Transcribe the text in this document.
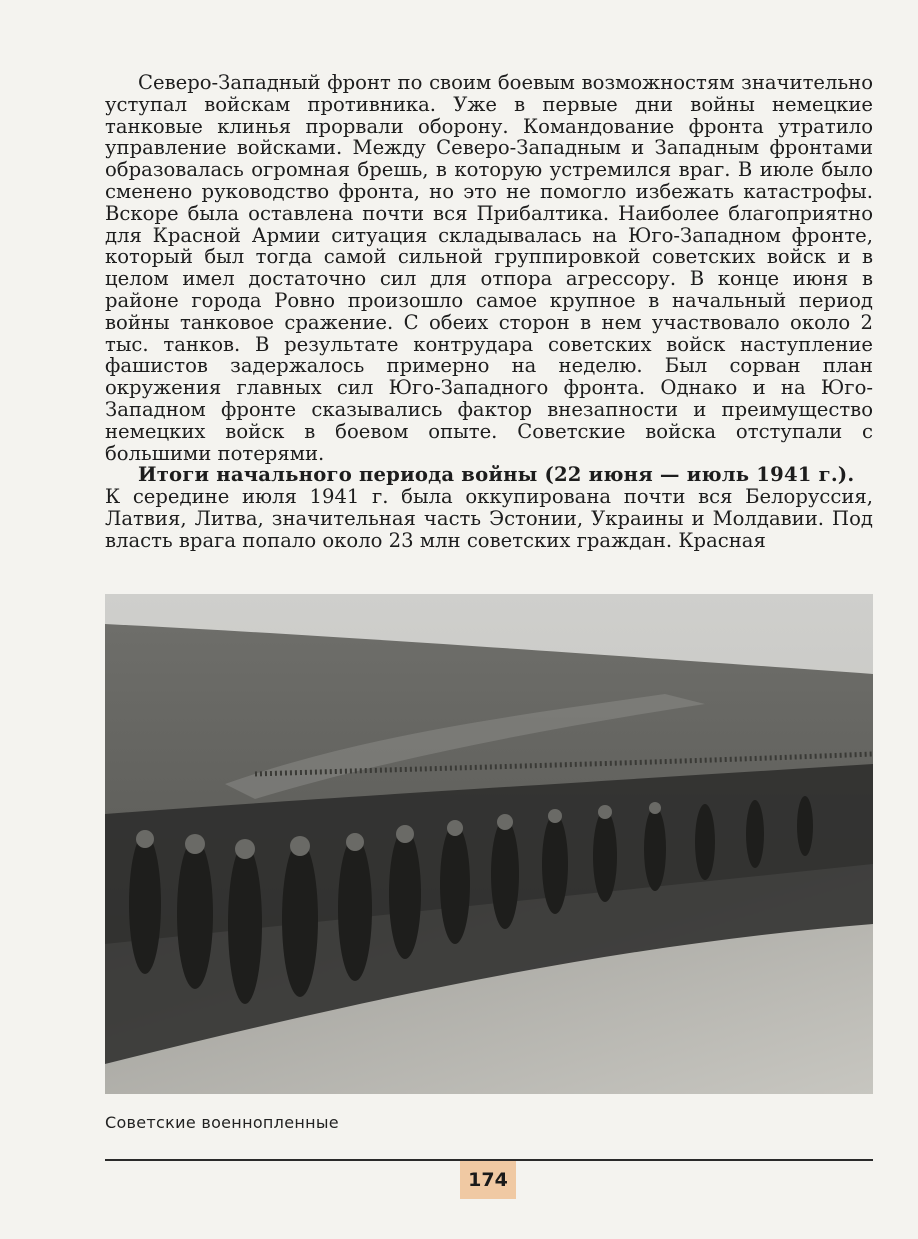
Северо-Западный фронт по своим боевым возможностям значительно уступал войскам противника. Уже в первые дни войны немецкие танковые клинья прорвали оборону. Командование фронта утратило управление войсками. Между Северо-Западным и Западным фронтами образовалась огромная брешь, в которую устремился враг. В июле было сменено руководство фронта, но это не помогло избежать катастрофы. Вскоре была оставлена почти вся Прибалтика. Наиболее благоприятно для Красной Армии ситуация складывалась на Юго-Западном фронте, который был тогда самой сильной группировкой советских войск и в целом имел достаточно сил для отпора агрессору. В конце июня в районе города Ровно произошло самое крупное в начальный период войны танковое сражение. С обеих сторон в нем участвовало около 2 тыс. танков. В результате контрудара советских войск наступление фашистов задержалось примерно на неделю. Был сорван план окружения главных сил Юго-Западного фронта. Однако и на Юго-Западном фронте сказывались фактор внезапности и преимущество немецких войск в боевом опыте. Советские войска отступали с большими потерями.

Итоги начального периода войны (22 июня — июль 1941 г.).

К середине июля 1941 г. была оккупирована почти вся Белоруссия, Латвия, Литва, значительная часть Эстонии, Украины и Молдавии. Под власть врага попало около 23 млн советских граждан. Красная

Советские военнопленные
174
